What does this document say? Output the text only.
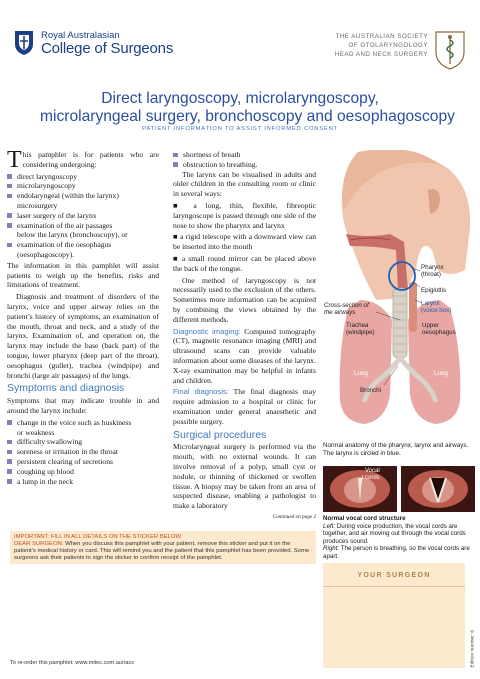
Royal Australasian
College of Surgeons
THE AUSTRALIAN SOCIETY
OF OTOLARYNGOLOGY
HEAD AND NECK SURGERY
Direct laryngoscopy, microlaryngoscopy,
microlaryngeal surgery, bronchoscopy and oesophagoscopy
PATIENT INFORMATION TO ASSIST INFORMED CONSENT

This pamphlet is for patients who are considering undergoing:

direct laryngoscopy
microlaryngoscopy
endolaryngeal (within the larynx)
microsurgery
laser surgery of the larynx
examination of the air passages
below the larynx (bronchoscopy), or
examination of the oesophagus
(oesophagoscopy).

The information in this pamphlet will assist patients to weigh up the benefits, risks and limitations of treatment.

Diagnosis and treatment of disorders of the larynx, voice and upper airway relies on the patient’s history of symptoms, an examination of the mouth, throat and neck, and a study of the larynx. Examination of, and operation on, the larynx may include the base (back part) of the tongue, lower pharynx (deep part of the throat), oesophagus (gullet), trachea (windpipe) and bronchi (large air passages) of the lungs.

Symptoms and diagnosis

Symptoms that may indicate trouble in and around the larynx include:

change in the voice such as huskiness
or weakness
difficulty swallowing
soreness or irritation in the throat
persistent clearing of secretions
coughing up blood
a lump in the neck
shortness of breath
obstruction to breathing.

The larynx can be visualised in adults and older children in the consulting room or clinic in several ways:

■ a long, thin, flexible, fibreoptic laryngoscope is passed through one side of the nose to show the pharynx and larynx

■ a rigid telescope with a downward view can be inserted into the mouth

■ a small round mirror can be placed above the back of the tongue.

One method of laryngoscopy is not necessarily used to the exclusion of the others. Sometimes more information can be acquired by combining the views obtained by the different methods.

Diagnostic imaging: Computed tomography (CT), magnetic resonance imaging (MRI) and ultrasound scans can provide valuable information about some diseases of the larynx. X-ray examination may be helpful in infants and children.

Final diagnosis: The final diagnosis may require admission to a hospital or clinic for examination under general anaesthetic and possible surgery.

Surgical procedures

Microlaryngeal surgery is performed via the mouth, with no external wounds. It can involve removal of a polyp, small cyst or nodule, or thinning of thickened or swollen tissue. A biopsy may be taken from an area of suspected disease, enabling a pathologist to make a laboratory

Continued on page 2
Pharynx
(throat)
Epiglottis
Larynx
(voice box)
Cross-section of
the airways
Trachea
(windpipe)
Upper
oesophagus
Lung	Lung
Bronchi
Normal anatomy of the pharynx, larynx and airways. The larynx is circled in blue.
Vocal
cords
Normal vocal cord structure
Left: During voice production, the vocal cords are together, and air moving out through the vocal cords produces sound.
Right: The person is breathing, so the vocal cords are apart.
IMPORTANT: FILL IN ALL DETAILS ON THE STICKER BELOW
DEAR SURGEON: When you discuss this pamphlet with your patient, remove this sticker and put it on the patient’s medical history or card. This will remind you and the patient that this pamphlet has been provided. Some surgeons ask their patients to sign the sticker to confirm receipt of the pamphlet.
YOUR SURGEON
Edition number: 6
To re-order this pamphlet: www.mitec.com.au/racs
